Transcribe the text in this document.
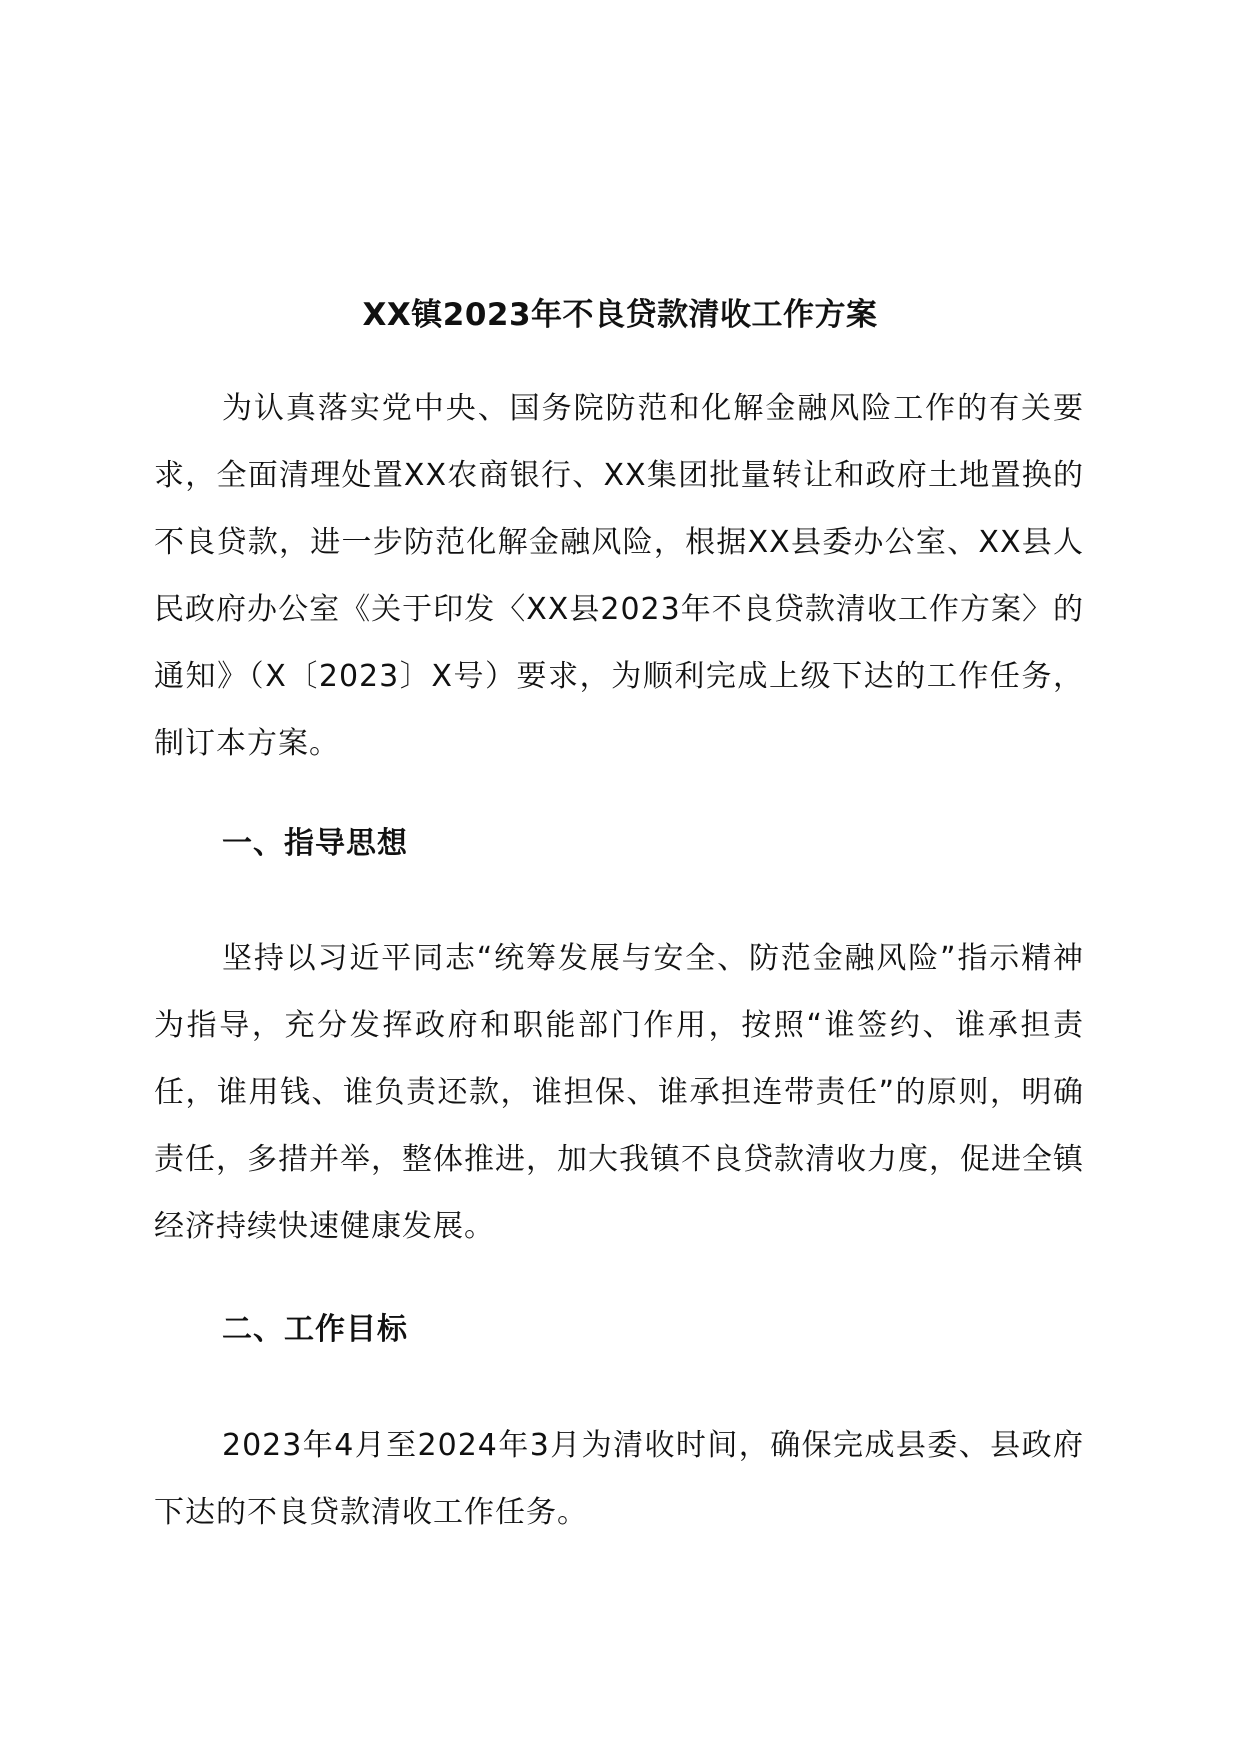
XX镇2023年不良贷款清收工作方案

为认真落实党中央、国务院防范和化解金融风险工作的有关要求，全面清理处置XX农商银行、XX集团批量转让和政府土地置换的不良贷款，进一步防范化解金融风险，根据XX县委办公室、XX县人民政府办公室《关于印发〈XX县2023年不良贷款清收工作方案〉的通知》（X〔2023〕X号）要求，为顺利完成上级下达的工作任务，制订本方案。

一、指导思想

坚持以习近平同志“统筹发展与安全、防范金融风险”指示精神为指导，充分发挥政府和职能部门作用，按照“谁签约、谁承担责任，谁用钱、谁负责还款，谁担保、谁承担连带责任”的原则，明确责任，多措并举，整体推进，加大我镇不良贷款清收力度，促进全镇经济持续快速健康发展。

二、工作目标

2023年4月至2024年3月为清收时间，确保完成县委、县政府下达的不良贷款清收工作任务。
